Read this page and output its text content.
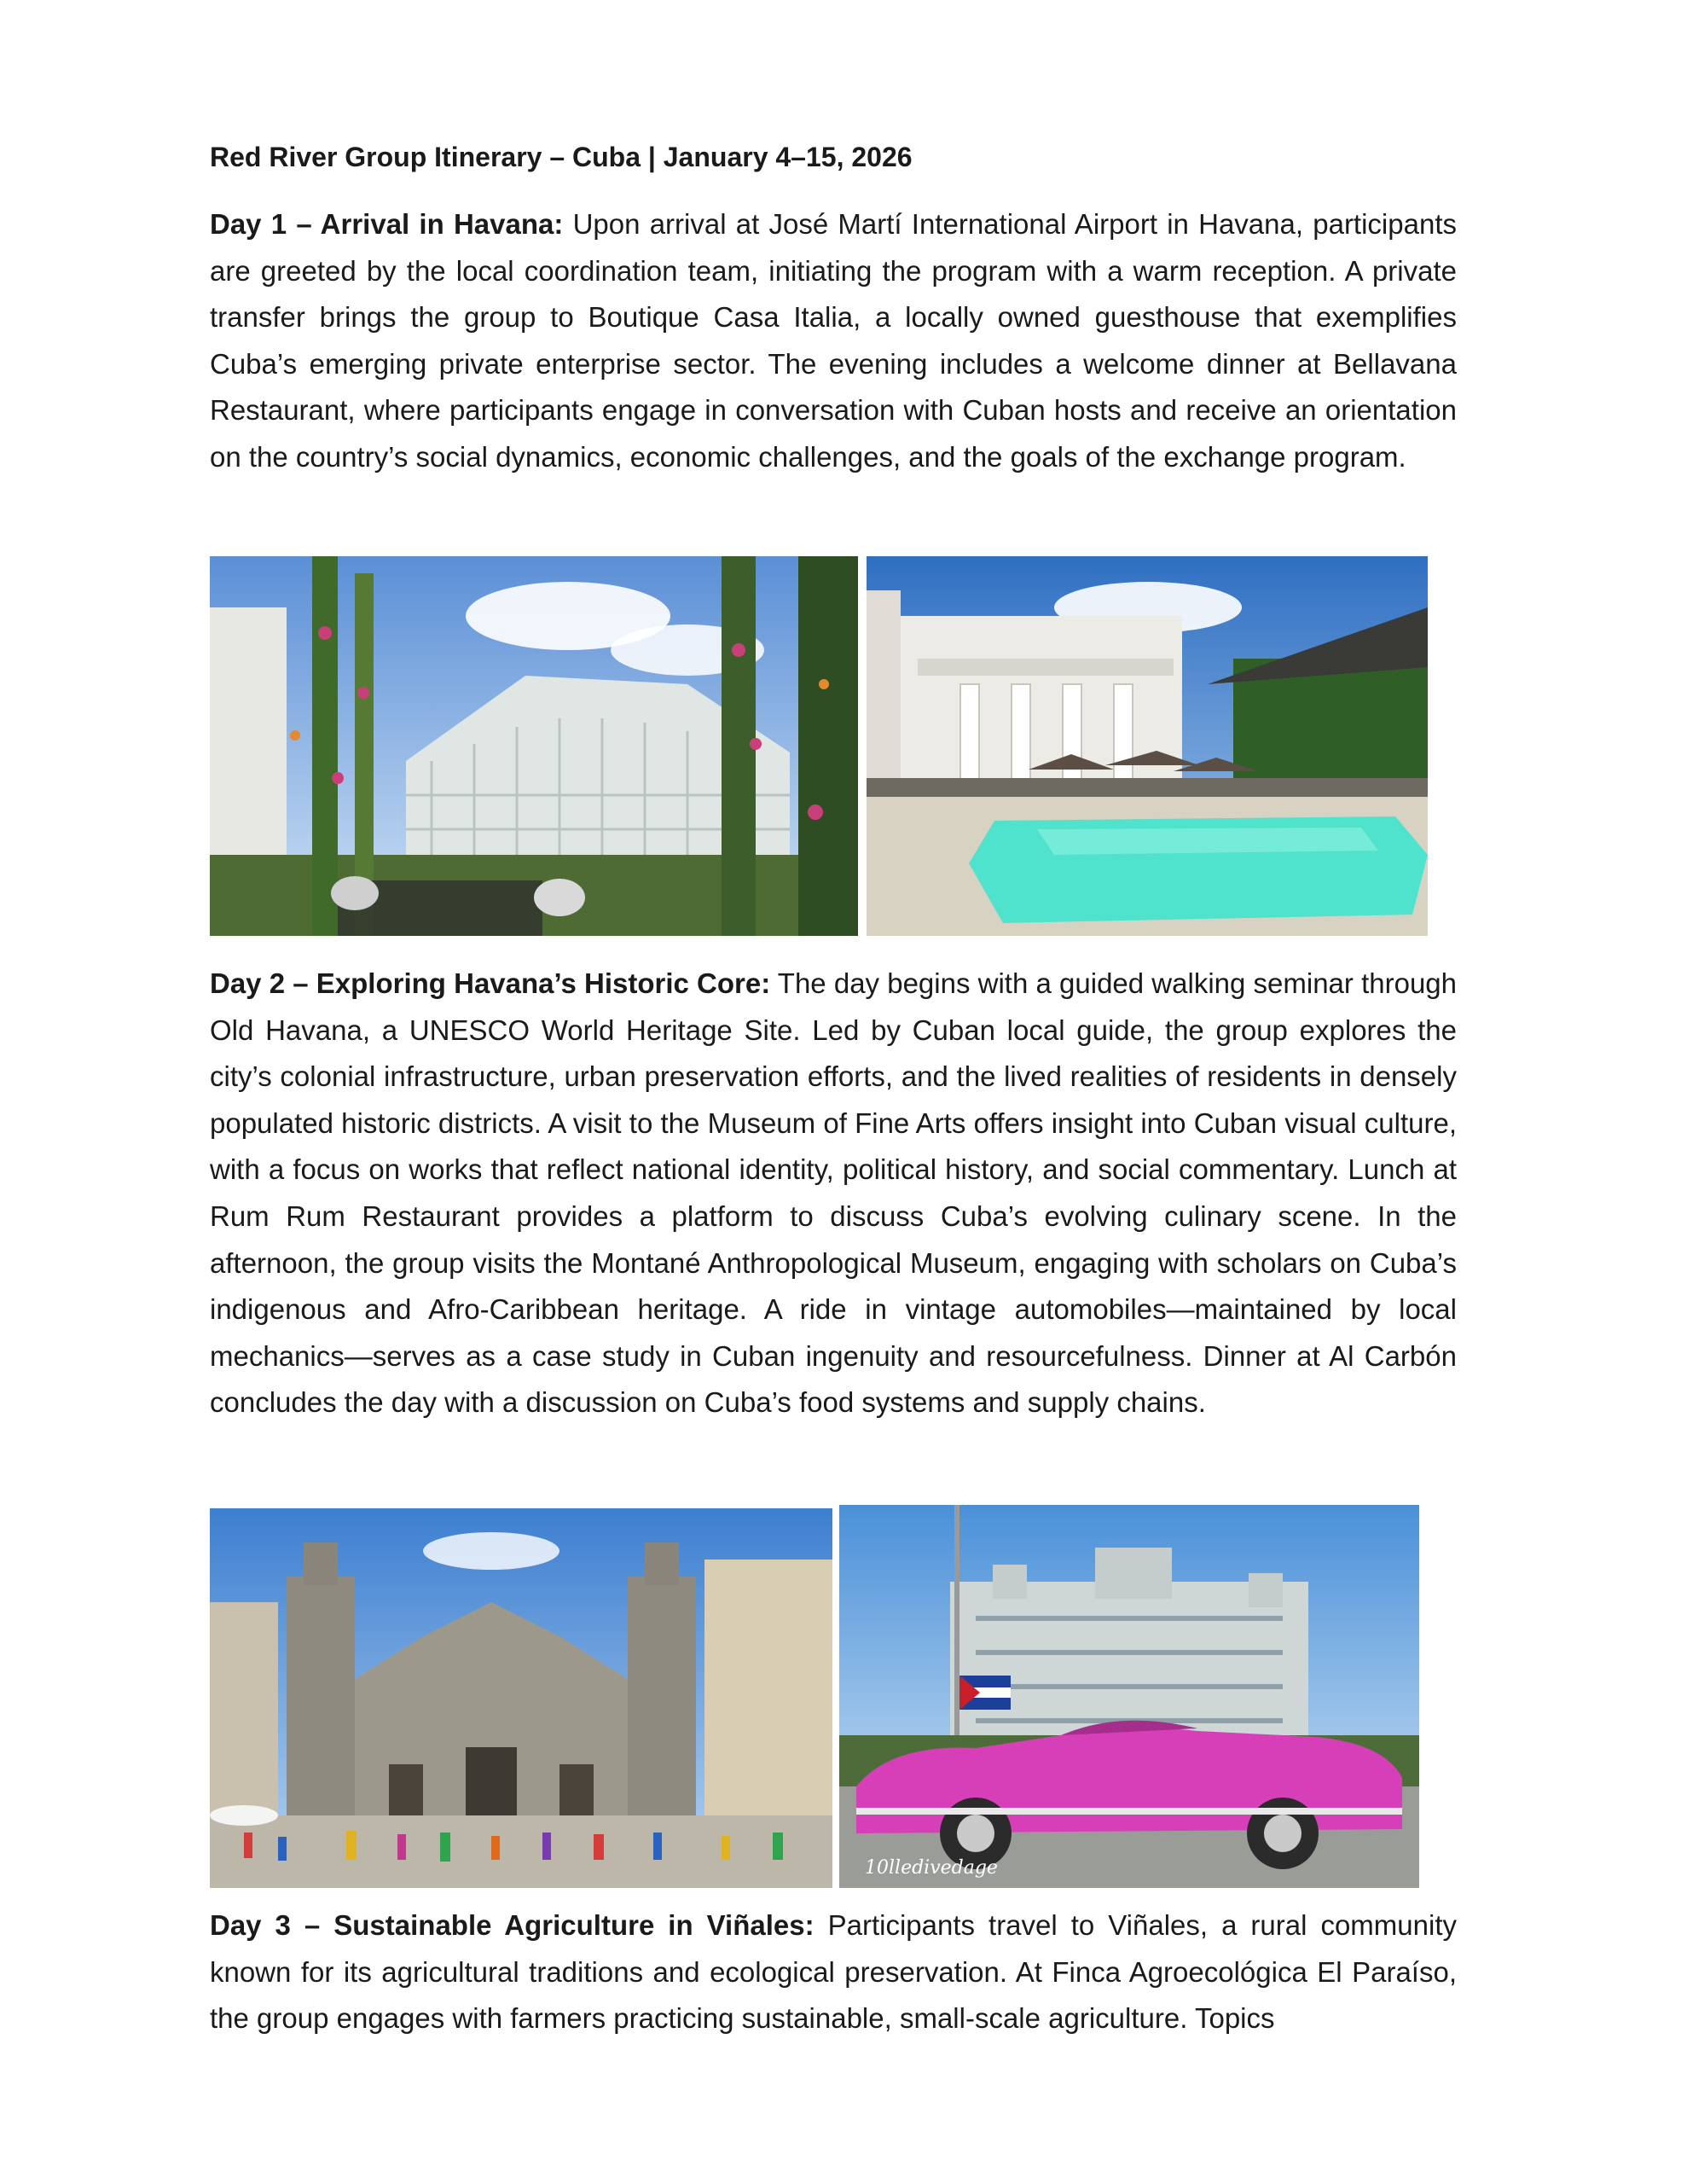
Red River Group Itinerary – Cuba | January 4–15, 2026

Day 1 – Arrival in Havana: Upon arrival at José Martí International Airport in Havana, participants are greeted by the local coordination team, initiating the program with a warm reception. A private transfer brings the group to Boutique Casa Italia, a locally owned guesthouse that exemplifies Cuba’s emerging private enterprise sector. The evening includes a welcome dinner at Bellavana Restaurant, where participants engage in conversation with Cuban hosts and receive an orientation on the country’s social dynamics, economic challenges, and the goals of the exchange program.

Day 2 – Exploring Havana’s Historic Core: The day begins with a guided walking seminar through Old Havana, a UNESCO World Heritage Site. Led by Cuban local guide, the group explores the city’s colonial infrastructure, urban preservation efforts, and the lived realities of residents in densely populated historic districts. A visit to the Museum of Fine Arts offers insight into Cuban visual culture, with a focus on works that reflect national identity, political history, and social commentary. Lunch at Rum Rum Restaurant provides a platform to discuss Cuba’s evolving culinary scene. In the afternoon, the group visits the Montané Anthropological Museum, engaging with scholars on Cuba’s indigenous and Afro-Caribbean heritage. A ride in vintage automobiles—maintained by local mechanics—serves as a case study in Cuban ingenuity and resourcefulness. Dinner at Al Carbón concludes the day with a discussion on Cuba’s food systems and supply chains.

10lledivedage

Day 3 – Sustainable Agriculture in Viñales: Participants travel to Viñales, a rural community known for its agricultural traditions and ecological preservation. At Finca Agroecológica El Paraíso, the group engages with farmers practicing sustainable, small-scale agriculture. Topics
